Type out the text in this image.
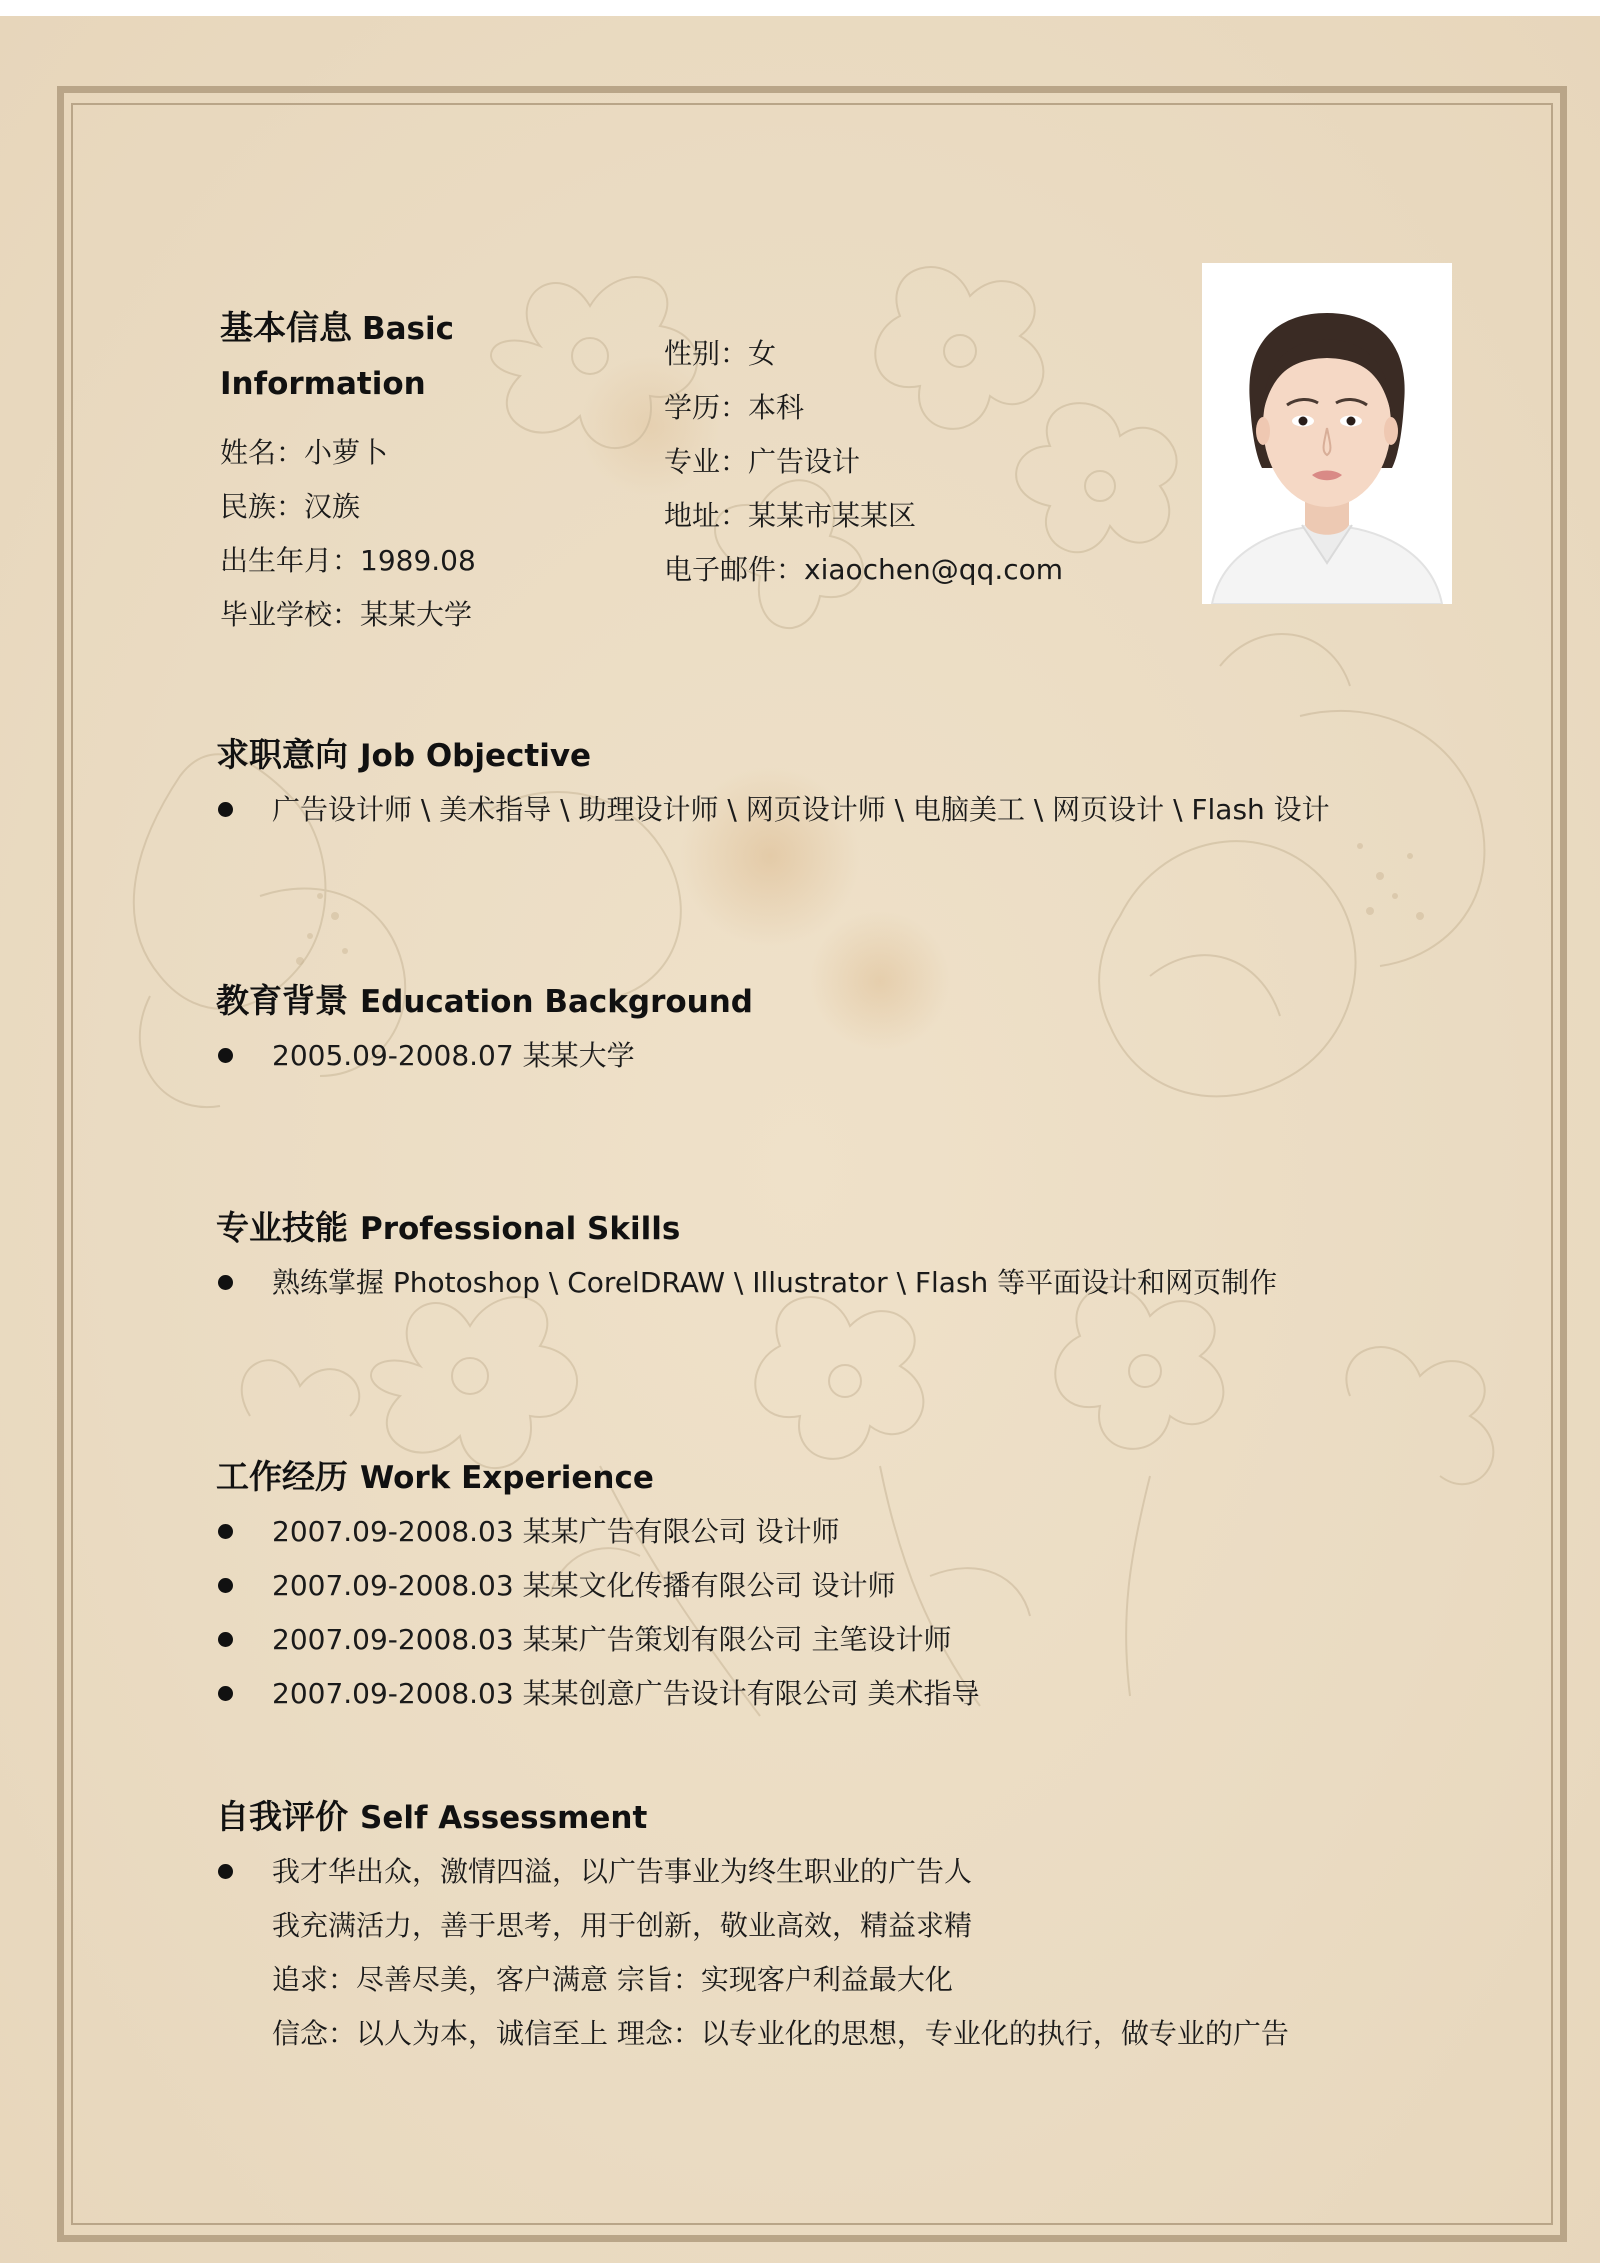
基本信息 Basic Information
姓名：小萝卜
民族：汉族
出生年月：1989.08
毕业学校：某某大学
性别：女
学历：本科
专业：广告设计
地址：某某市某某区
电子邮件：xiaochen@qq.com
求职意向 Job Objective
广告设计师 \ 美术指导 \ 助理设计师 \ 网页设计师 \ 电脑美工 \ 网页设计 \ Flash 设计
教育背景 Education Background
2005.09-2008.07 某某大学
专业技能 Professional Skills
熟练掌握 Photoshop \ CorelDRAW \ Illustrator \ Flash 等平面设计和网页制作
工作经历 Work Experience
2007.09-2008.03 某某广告有限公司 设计师
2007.09-2008.03 某某文化传播有限公司 设计师
2007.09-2008.03 某某广告策划有限公司 主笔设计师
2007.09-2008.03 某某创意广告设计有限公司 美术指导
自我评价 Self Assessment
我才华出众，激情四溢，以广告事业为终生职业的广告人
我充满活力，善于思考，用于创新，敬业高效，精益求精
追求：尽善尽美，客户满意 宗旨：实现客户利益最大化
信念：以人为本，诚信至上 理念：以专业化的思想，专业化的执行，做专业的广告
